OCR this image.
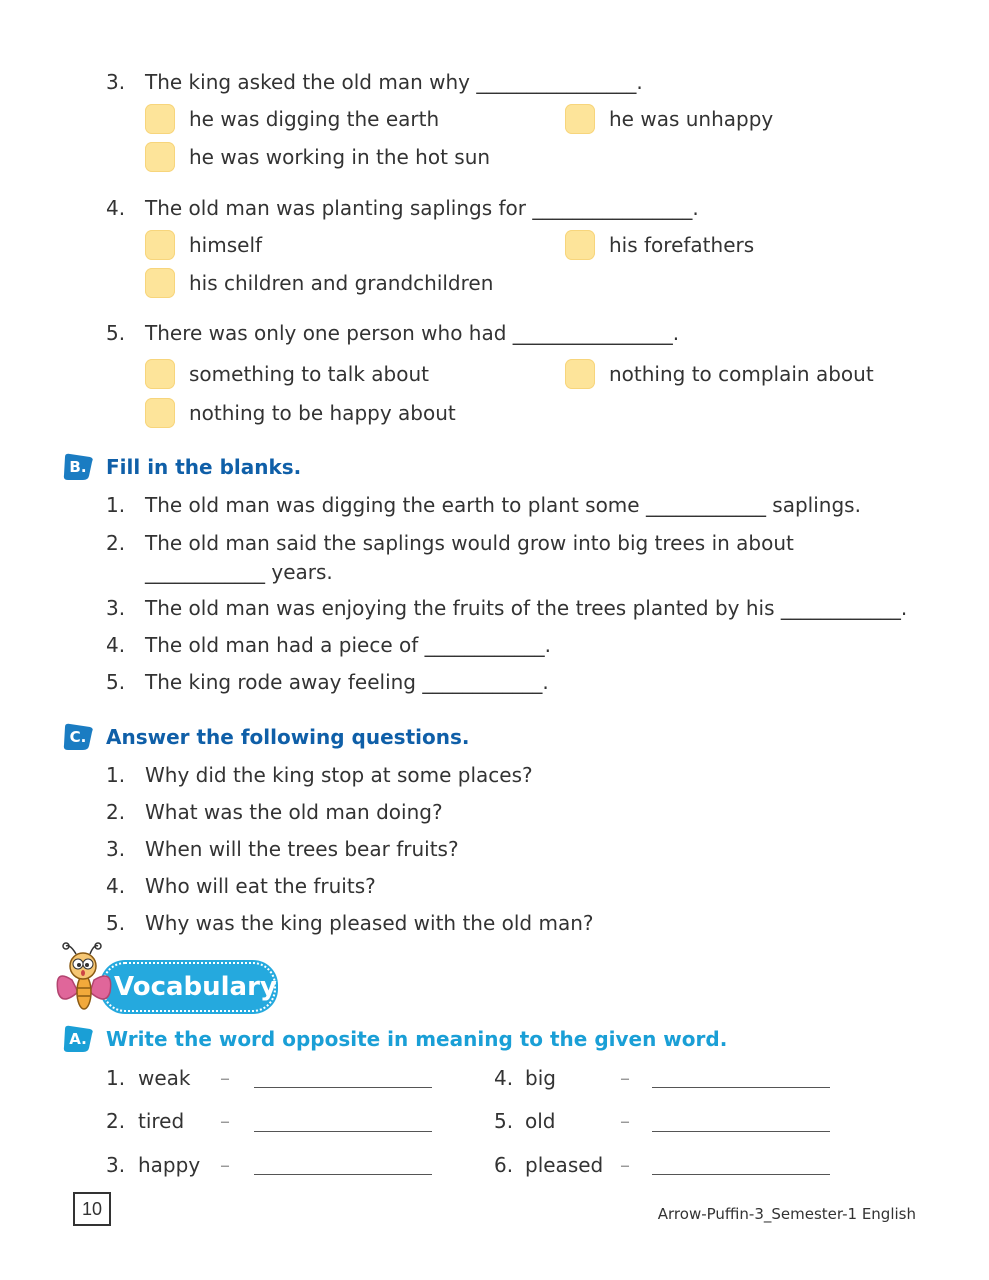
3. The king asked the old man why ________________.
he was digging the earth	he was unhappy
he was working in the hot sun
4. The old man was planting saplings for ________________.
himself	his forefathers
his children and grandchildren
5. There was only one person who had ________________.
something to talk about	nothing to complain about
nothing to be happy about
B. Fill in the blanks.
1. The old man was digging the earth to plant some ____________ saplings.
2. The old man said the saplings would grow into big trees in about
____________ years.
3. The old man was enjoying the fruits of the trees planted by his ____________.
4. The old man had a piece of ____________.
5. The king rode away feeling ____________.
C. Answer the following questions.
1. Why did the king stop at some places?
2. What was the old man doing?
3. When will the trees bear fruits?
4. Who will eat the fruits?
5. Why was the king pleased with the old man?
Vocabulary
A. Write the word opposite in meaning to the given word.
1. weak –
2. tired –
3. happy –
4. big	–
5. old	–
6. pleased –
10	Arrow-Puffin-3_Semester-1 English
